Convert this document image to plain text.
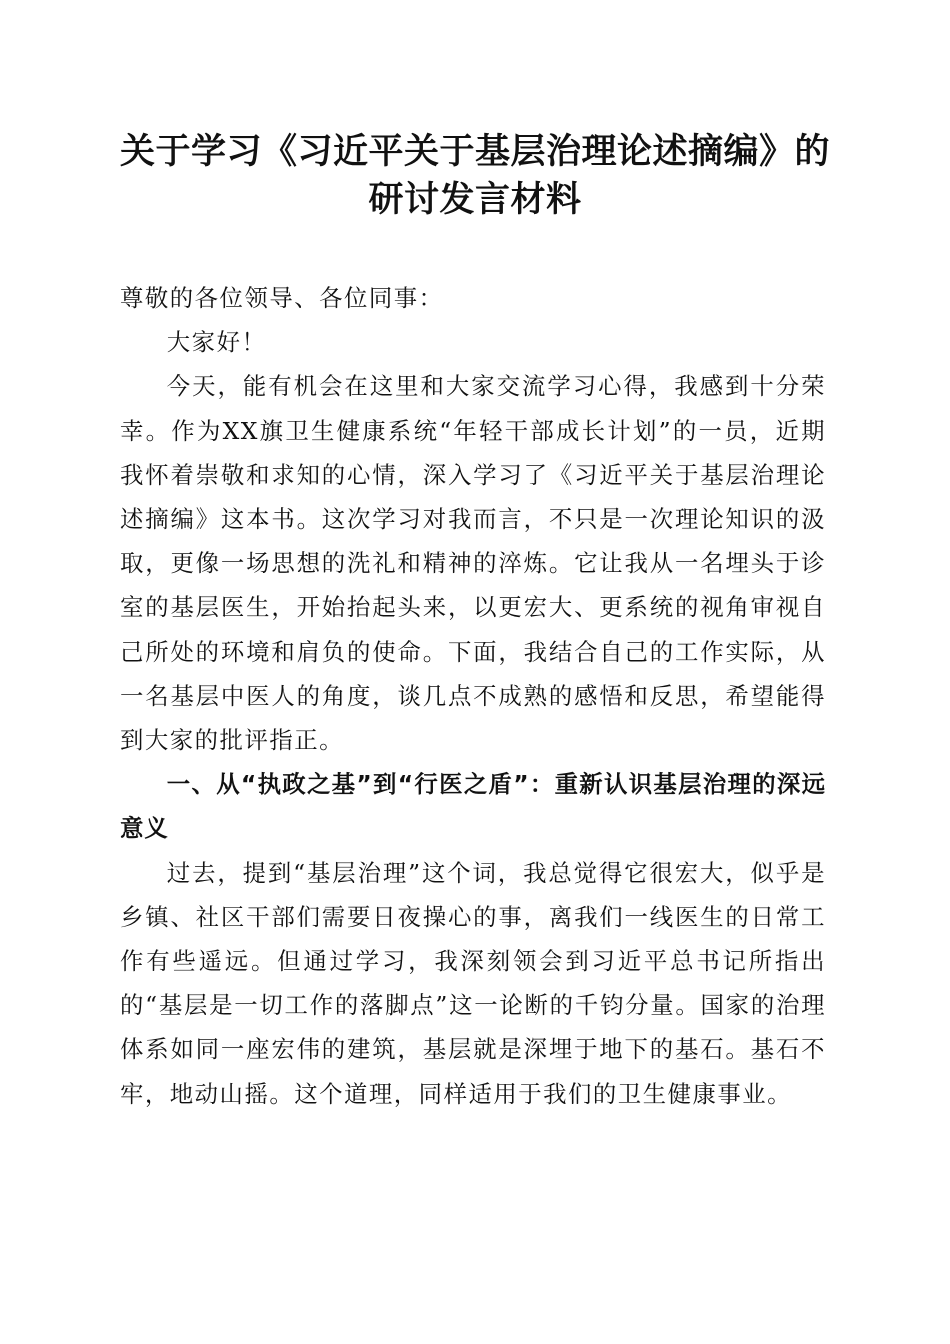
关于学习《习近平关于基层治理论述摘编》的
研讨发言材料

尊敬的各位领导、各位同事：

大家好！

今天，能有机会在这里和大家交流学习心得，我感到十分荣幸。作为XX旗卫生健康系统“年轻干部成长计划”的一员，近期我怀着崇敬和求知的心情，深入学习了《习近平关于基层治理论述摘编》这本书。这次学习对我而言，不只是一次理论知识的汲取，更像一场思想的洗礼和精神的淬炼。它让我从一名埋头于诊室的基层医生，开始抬起头来，以更宏大、更系统的视角审视自己所处的环境和肩负的使命。下面，我结合自己的工作实际，从一名基层中医人的角度，谈几点不成熟的感悟和反思，希望能得到大家的批评指正。

一、从“执政之基”到“行医之盾”：重新认识基层治理的深远意义

过去，提到“基层治理”这个词，我总觉得它很宏大，似乎是乡镇、社区干部们需要日夜操心的事，离我们一线医生的日常工作有些遥远。但通过学习，我深刻领会到习近平总书记所指出的“基层是一切工作的落脚点”这一论断的千钧分量。国家的治理体系如同一座宏伟的建筑，基层就是深埋于地下的基石。基石不牢，地动山摇。这个道理，同样适用于我们的卫生健康事业。
